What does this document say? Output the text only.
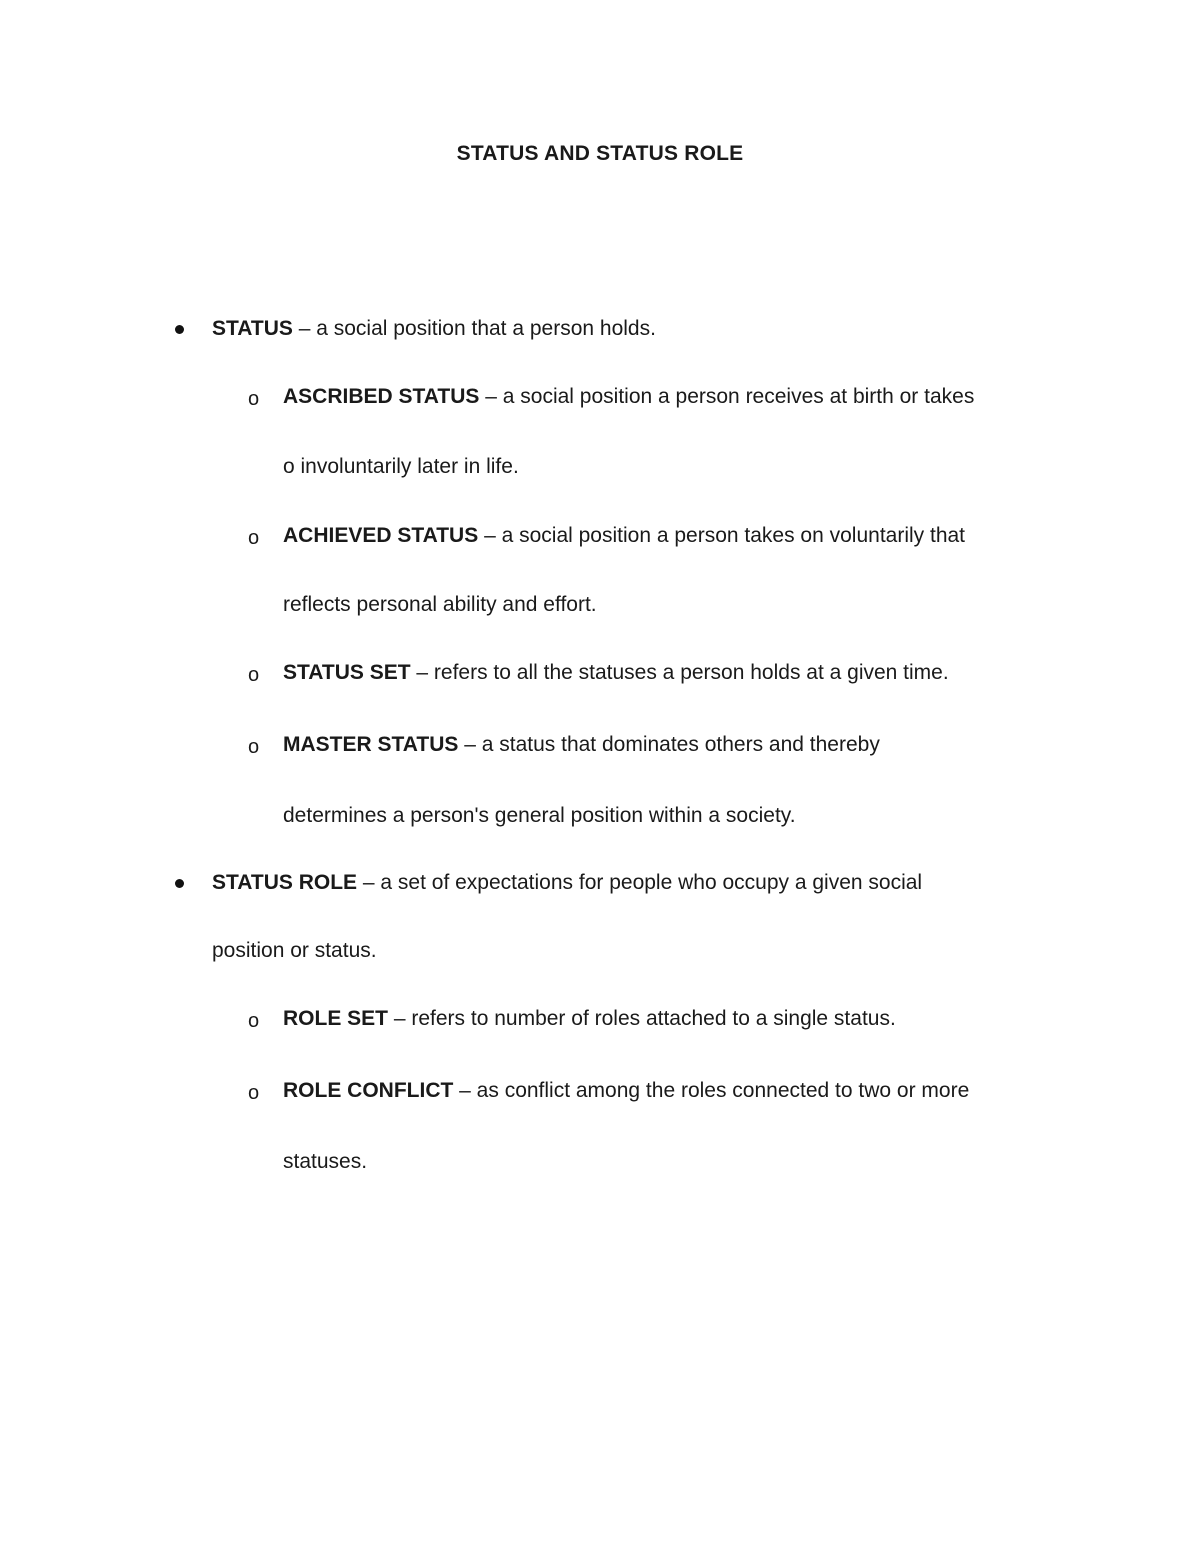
STATUS AND STATUS ROLE
STATUS – a social position that a person holds.
o ASCRIBED STATUS – a social position a person receives at birth or takes
o involuntarily later in life.
o ACHIEVED STATUS – a social position a person takes on voluntarily that
reflects personal ability and effort.
o STATUS SET – refers to all the statuses a person holds at a given time.
o MASTER STATUS – a status that dominates others and thereby
determines a person's general position within a society.
STATUS ROLE – a set of expectations for people who occupy a given social
position or status.
o ROLE SET – refers to number of roles attached to a single status.
o ROLE CONFLICT – as conflict among the roles connected to two or more
statuses.
